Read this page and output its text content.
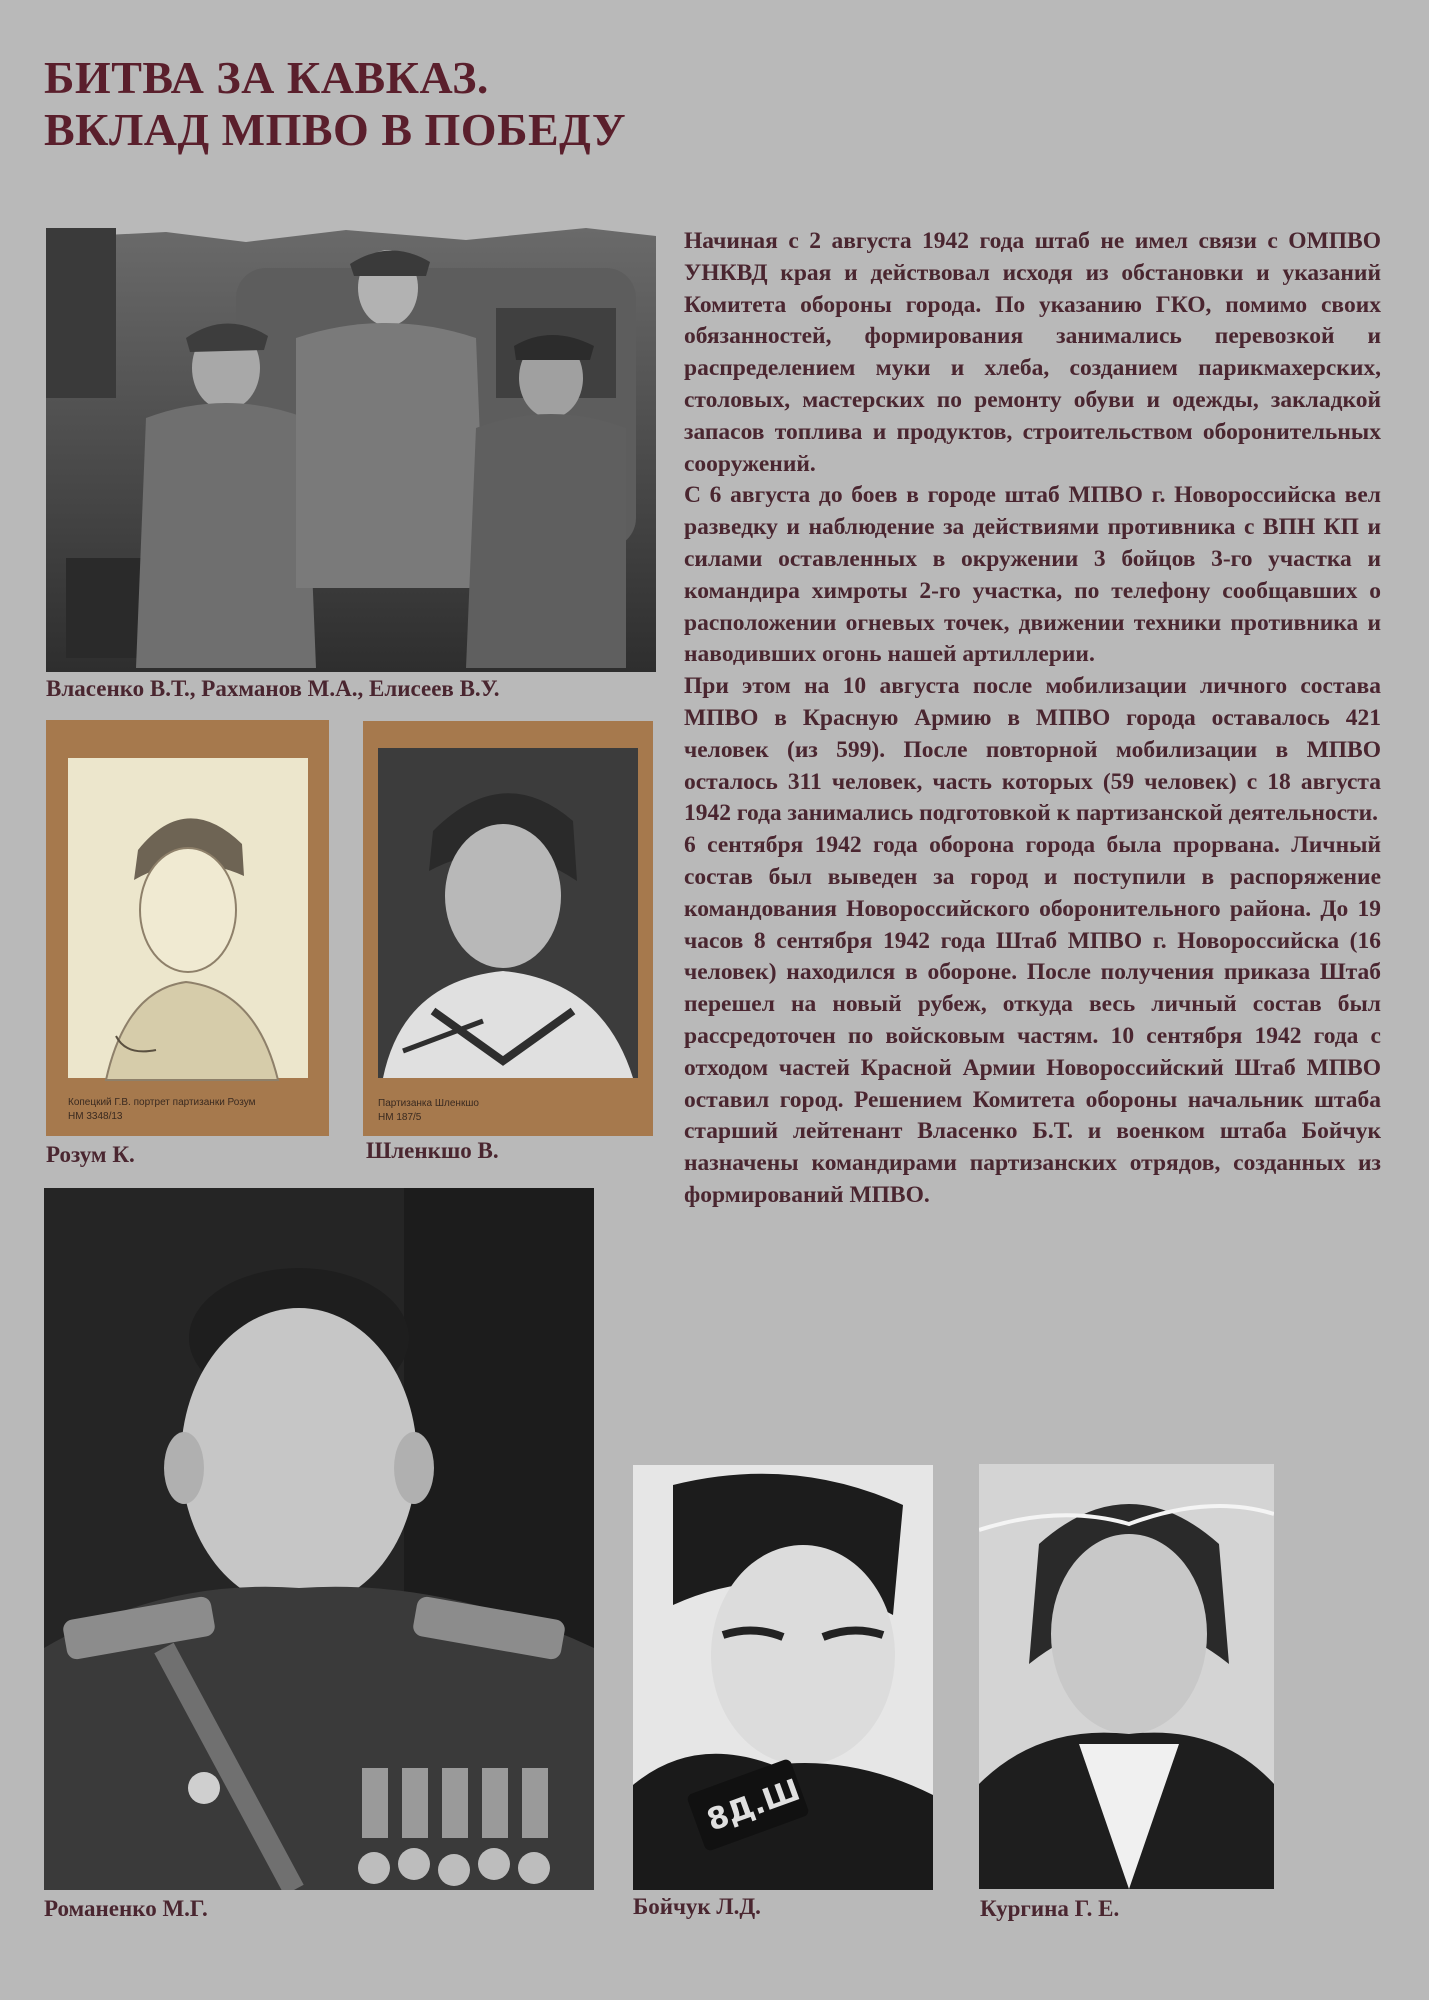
БИТВА ЗА КАВКАЗ.
ВКЛАД МПВО В ПОБЕДУ
Власенко В.Т., Рахманов М.А., Елисеев В.У.
Копецкий Г.В. портрет партизанки Розум
НМ 3348/13
Розум К.
Партизанка Шленкшо
НМ 187/5
Шленкшо В.
Романенко М.Г.

Начиная с 2 августа 1942 года штаб не имел связи с ОМПВО УНКВД края и действовал исходя из обстановки и указаний Комитета обороны города. По указанию ГКО, помимо своих обязанностей, формирования занимались перевозкой и распределением муки и хлеба, созданием парикмахерских, столовых, мастерских по ремонту обуви и одежды, закладкой запасов топлива и продуктов, строительством оборонительных сооружений.

С 6 августа до боев в городе штаб МПВО г. Новороссийска вел разведку и наблюдение за действиями противника с ВПН КП и силами оставленных в окружении 3 бойцов 3-го участка и командира химроты 2-го участка, по телефону сообщавших о расположении огневых точек, движении техники противника и наводивших огонь нашей артиллерии.

При этом на 10 августа после мобилизации личного состава МПВО в Красную Армию в МПВО города оставалось 421 человек (из 599). После повторной мобилизации в МПВО осталось 311 человек, часть которых (59 человек) с 18 августа 1942 года занимались подготовкой к партизанской деятельности.

6 сентября 1942 года оборона города была прорвана. Личный состав был выведен за город и поступили в распоряжение командования Новороссийского оборонительного района. До 19 часов 8 сентября 1942 года Штаб МПВО г. Новороссийска (16 человек) находился в обороне. После получения приказа Штаб перешел на новый рубеж, откуда весь личный состав был рассредоточен по войсковым частям. 10 сентября 1942 года с отходом частей Красной Армии Новороссийский Штаб МПВО оставил город. Решением Комитета обороны начальник штаба старший лейтенант Власенко Б.Т. и военком штаба Бойчук назначены командирами партизанских отрядов, созданных из формирований МПВО.

8Д.Ш
Бойчук Л.Д.	Кургина Г. Е.
